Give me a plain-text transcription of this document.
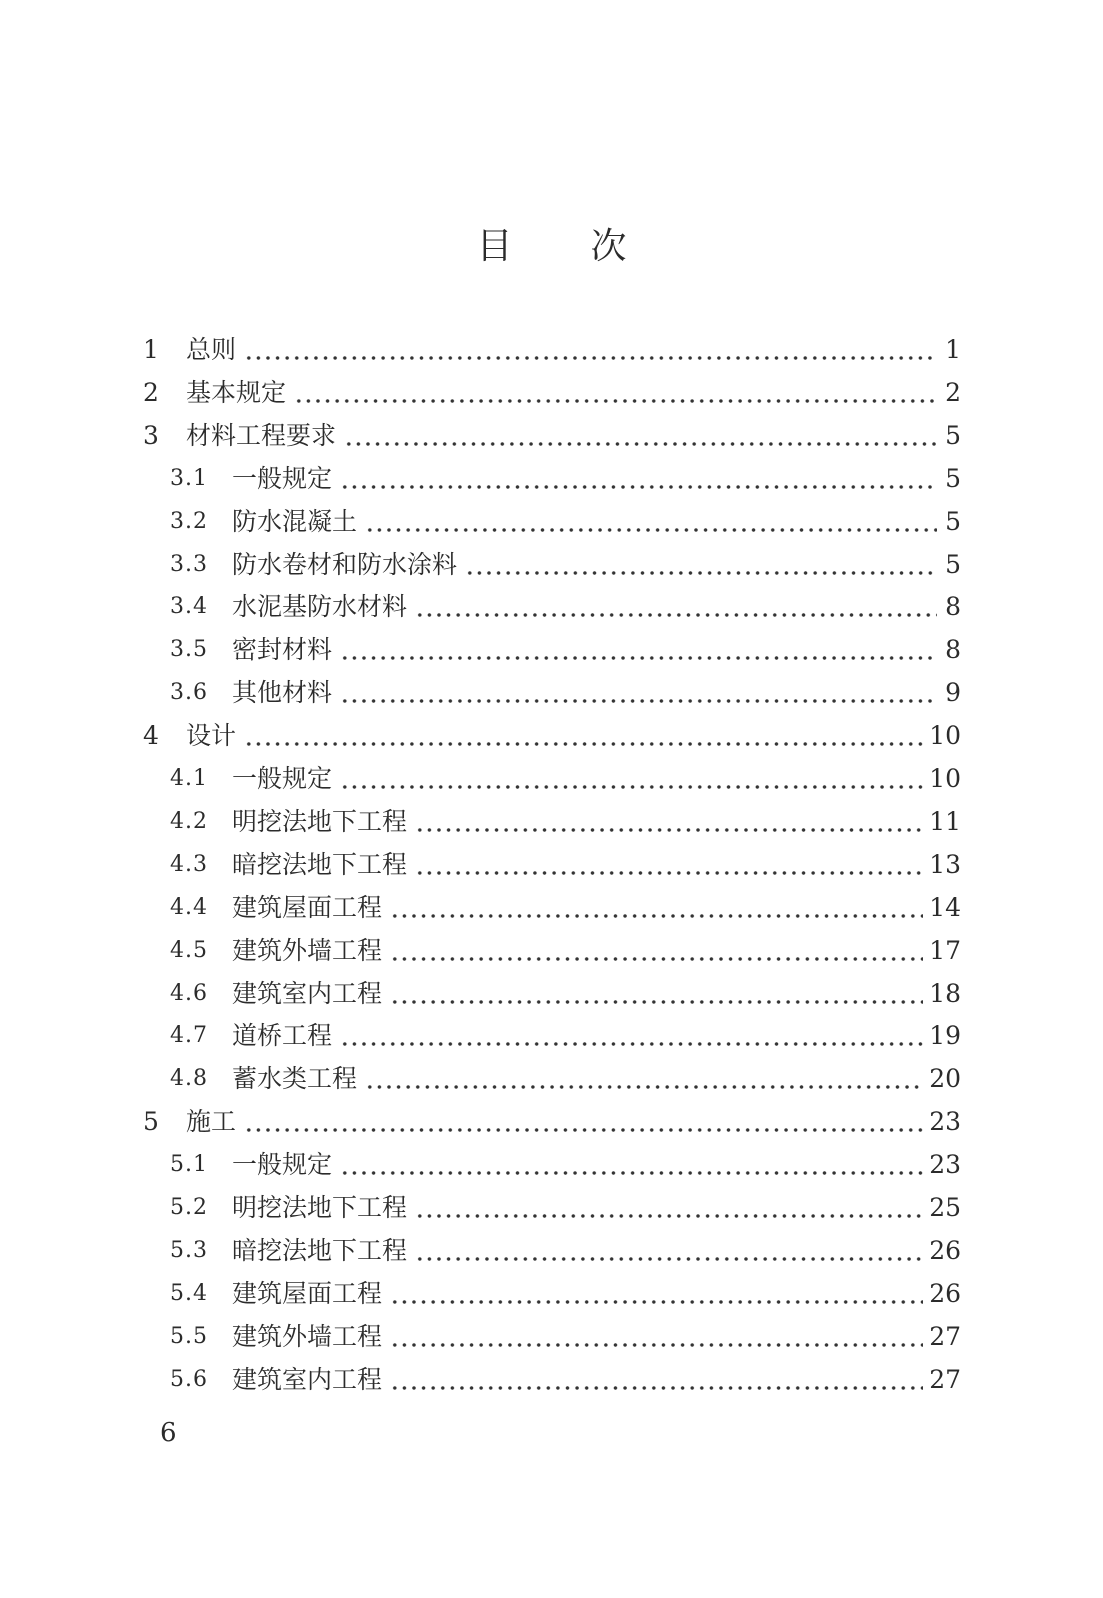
目 次
1	总则	1
2	基本规定	2
3	材料工程要求	5
3.1 一般规定	5
3.2 防水混凝土	5
3.3 防水卷材和防水涂料	5
3.4 水泥基防水材料	8
3.5 密封材料	8
3.6 其他材料	9
4	设计	10
4.1 一般规定	10
4.2 明挖法地下工程	11
4.3 暗挖法地下工程	13
4.4 建筑屋面工程	14
4.5 建筑外墙工程	17
4.6 建筑室内工程	18
4.7 道桥工程	19
4.8 蓄水类工程	20
5	施工	23
5.1 一般规定	23
5.2 明挖法地下工程	25
5.3 暗挖法地下工程	26
5.4 建筑屋面工程	26
5.5 建筑外墙工程	27
5.6 建筑室内工程	27
6
